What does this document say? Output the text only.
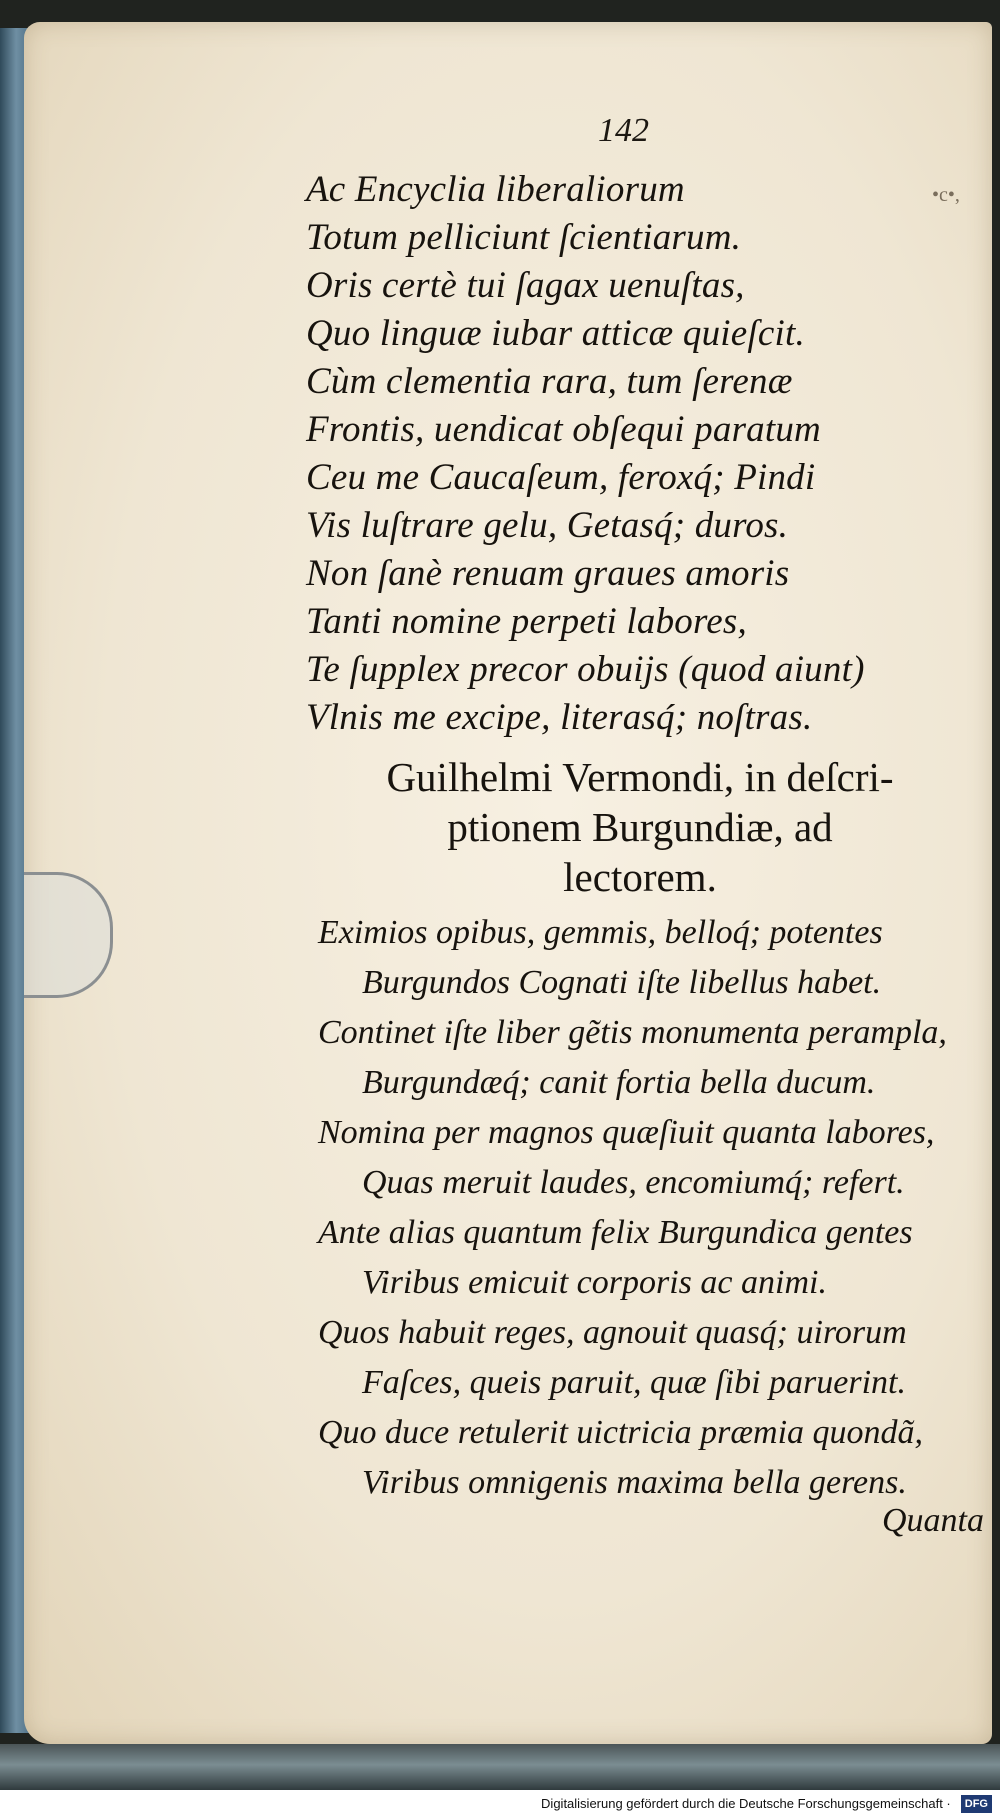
142
•c•,
Ac Encyclia liberaliorum
Totum pelliciunt ſcientiarum.
Oris certè tui ſagax uenuſtas,
Quo linguæ iubar atticæ quieſcit.
Cùm clementia rara, tum ſerenæ
Frontis, uendicat obſequi paratum
Ceu me Caucaſeum, feroxq́; Pindi
Vis luſtrare gelu, Getasq́; duros.
Non ſanè renuam graues amoris
Tanti nomine perpeti labores,
Te ſupplex precor obuijs (quod aiunt)
Vlnis me excipe, literasq́; noſtras.
Guilhelmi Vermondi, in deſcri-
ptionem Burgundiæ, ad
lectorem.
Eximios opibus, gemmis, belloq́; potentes
Burgundos Cognati iſte libellus habet.
Continet iſte liber gẽtis monumenta perampla,
Burgundæq́; canit fortia bella ducum.
Nomina per magnos quæſiuit quanta labores,
Quas meruit laudes, encomiumq́; refert.
Ante alias quantum felix Burgundica gentes
Viribus emicuit corporis ac animi.
Quos habuit reges, agnouit quasq́; uirorum
Faſces, queis paruit, quæ ſibi paruerint.
Quo duce retulerit uictricia præmia quondã,
Viribus omnigenis maxima bella gerens.
Quanta
Digitalisierung gefördert durch die Deutsche Forschungsgemeinschaft · DFG
